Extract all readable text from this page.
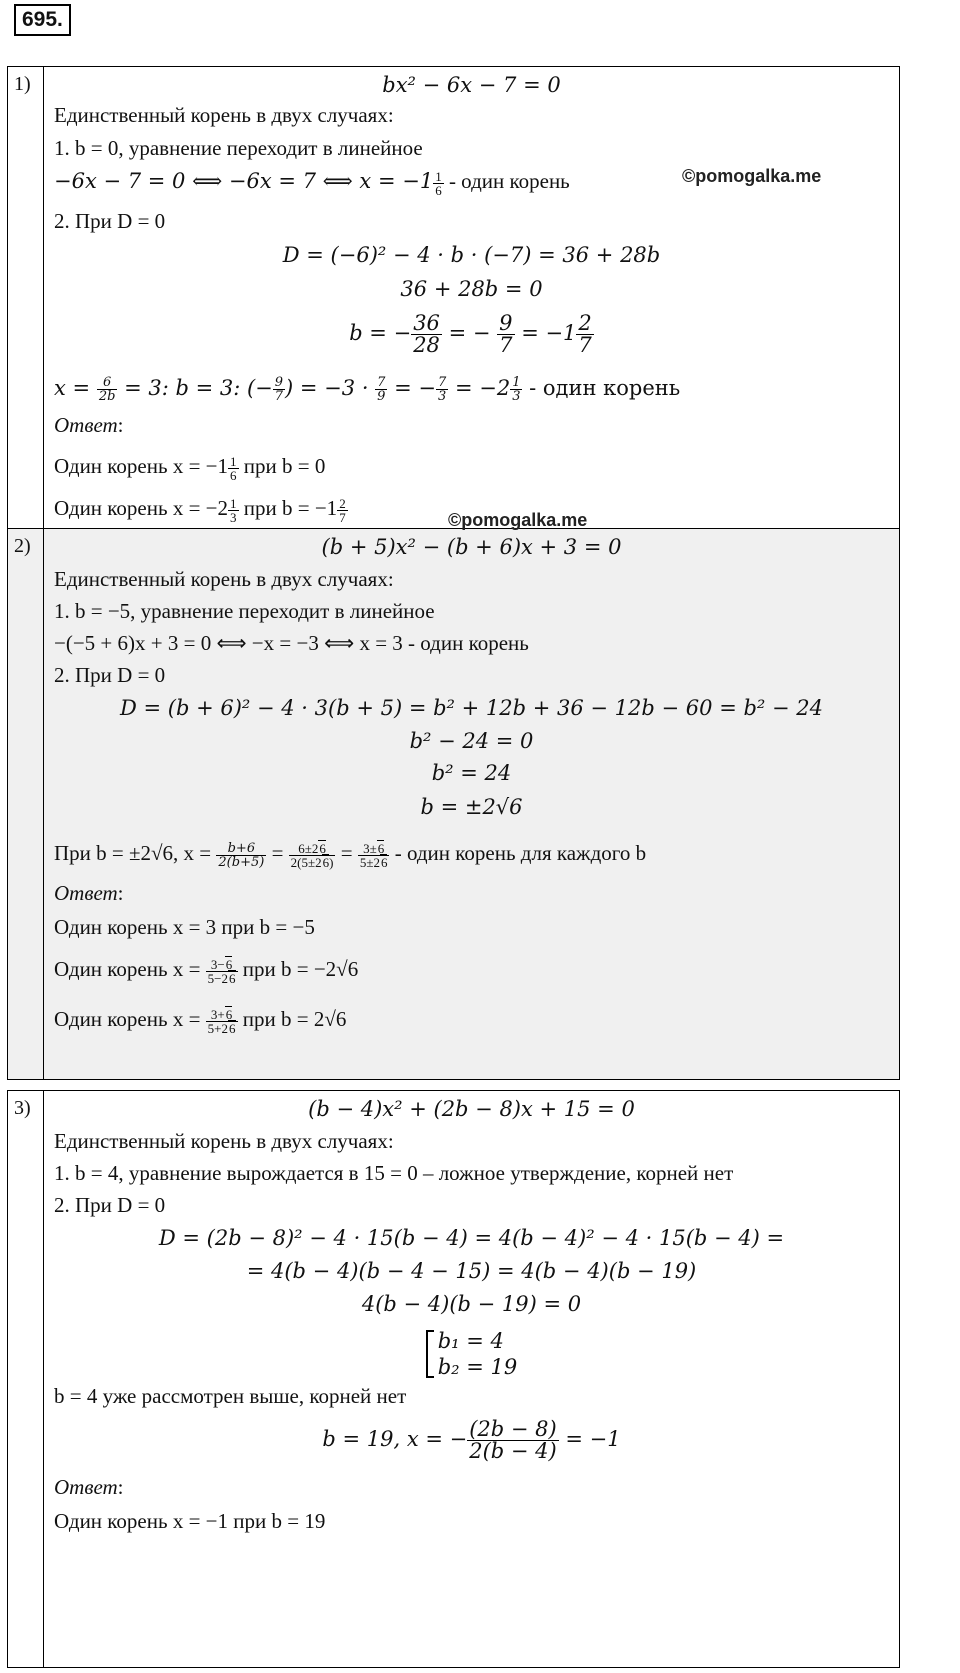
695.
1)	bx² − 6x − 7 = 0
Единственный корень в двух случаях:
1. b = 0, уравнение переходит в линейное
−6x − 7 = 0 ⟺ −6x = 7 ⟺ $x = -1 \frac{1}{6}$ - один корень
2. При D = 0
D = (−6)² − 4 · b · (−7) = 36 + 28b
36 + 28b = 0
b = − $\frac{36}{28}$ = − $\frac{9}{7} = -1 \frac{2}{7}$
$x = \frac{6}{2b} = 3$: b = 3: (− $\frac{9}{7}$ ) = $-3 \cdot \frac{7}{9}$ = − $\frac{7}{3} = -2 \frac{1}{3}$ - один корень
Ответ:
Один корень $x = -1 \frac{1}{6}$ при b = 0
Один корень $x = -2 \frac{1}{3}$ при $b = -1 \frac{2}{7}$
2)	(b + 5)x² − (b + 6)x + 3 = 0
Единственный корень в двух случаях:
1. b = −5, уравнение переходит в линейное
−(−5 + 6)x + 3 = 0 ⟺ −x = −3 ⟺ x = 3 - один корень
2. При D = 0
D = (b + 6)² − 4 · 3(b + 5) = b² + 12b + 36 − 12b − 60 = b² − 24
b² − 24 = 0
b² = 24
b = ±2√6
При b = ±2√6, $x = \frac{b+6}{2(b+5)} = \frac{6\pm 26}{2(5\pm 26)} = \frac{3\pm 6}{5\pm 26}$ - один корень для каждого b
Ответ:
Один корень x = 3 при b = −5
Один корень $x = \frac{3-6}{5-26}$ при b = −2√6
Один корень $x = \frac{3+6}{5+26}$ при b = 2√6
3)	(b − 4)x² + (2b − 8)x + 15 = 0
Единственный корень в двух случаях:
1. b = 4, уравнение вырождается в 15 = 0 – ложное утверждение, корней нет
2. При D = 0
D = (2b − 8)² − 4 · 15(b − 4) = 4(b − 4)² − 4 · 15(b − 4) =
= 4(b − 4)(b − 4 − 15) = 4(b − 4)(b − 19)
4(b − 4)(b − 19) = 0
b₁ = 4
b₂ = 19
b = 4 уже рассмотрен выше, корней нет
b = 19, x = − $\frac{(2b - 8)}{2(b - 4)} = -1$
Ответ:
Один корень x = −1 при b = 19
©pomogalka.me
©pomogalka.me
